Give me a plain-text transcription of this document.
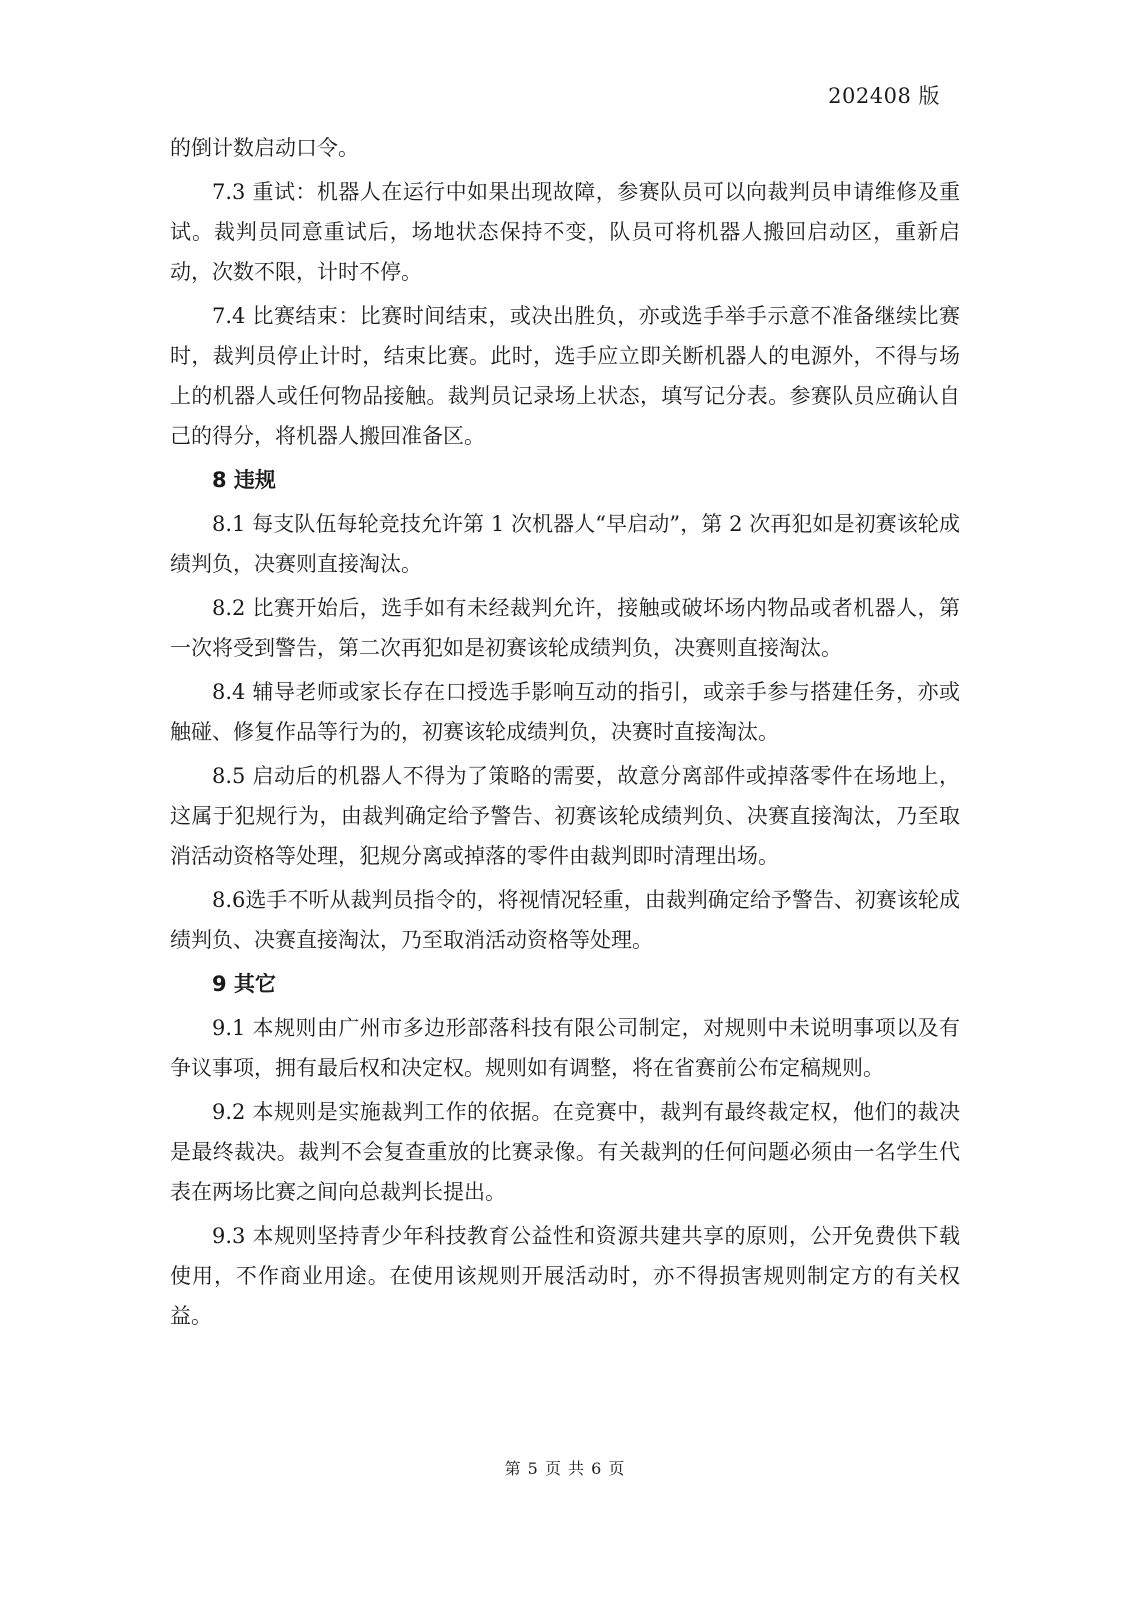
202408 版

的倒计数启动口令。

7.3 重试：机器人在运行中如果出现故障，参赛队员可以向裁判员申请维修及重试。裁判员同意重试后，场地状态保持不变，队员可将机器人搬回启动区，重新启动，次数不限，计时不停。

7.4 比赛结束：比赛时间结束，或决出胜负，亦或选手举手示意不准备继续比赛时，裁判员停止计时，结束比赛。此时，选手应立即关断机器人的电源外，不得与场上的机器人或任何物品接触。裁判员记录场上状态，填写记分表。参赛队员应确认自己的得分，将机器人搬回准备区。

8 违规

8.1 每支队伍每轮竞技允许第 1 次机器人“早启动”，第 2 次再犯如是初赛该轮成绩判负，决赛则直接淘汰。

8.2 比赛开始后，选手如有未经裁判允许，接触或破坏场内物品或者机器人，第一次将受到警告，第二次再犯如是初赛该轮成绩判负，决赛则直接淘汰。

8.4 辅导老师或家长存在口授选手影响互动的指引，或亲手参与搭建任务，亦或触碰、修复作品等行为的，初赛该轮成绩判负，决赛时直接淘汰。

8.5 启动后的机器人不得为了策略的需要，故意分离部件或掉落零件在场地上，这属于犯规行为，由裁判确定给予警告、初赛该轮成绩判负、决赛直接淘汰，乃至取消活动资格等处理，犯规分离或掉落的零件由裁判即时清理出场。

8.6选手不听从裁判员指令的，将视情况轻重，由裁判确定给予警告、初赛该轮成绩判负、决赛直接淘汰，乃至取消活动资格等处理。

9 其它

9.1 本规则由广州市多边形部落科技有限公司制定，对规则中未说明事项以及有争议事项，拥有最后权和决定权。规则如有调整，将在省赛前公布定稿规则。

9.2 本规则是实施裁判工作的依据。在竞赛中，裁判有最终裁定权，他们的裁决是最终裁决。裁判不会复查重放的比赛录像。有关裁判的任何问题必须由一名学生代表在两场比赛之间向总裁判长提出。

9.3 本规则坚持青少年科技教育公益性和资源共建共享的原则，公开免费供下载使用，不作商业用途。在使用该规则开展活动时，亦不得损害规则制定方的有关权益。

第 5 页 共 6 页
